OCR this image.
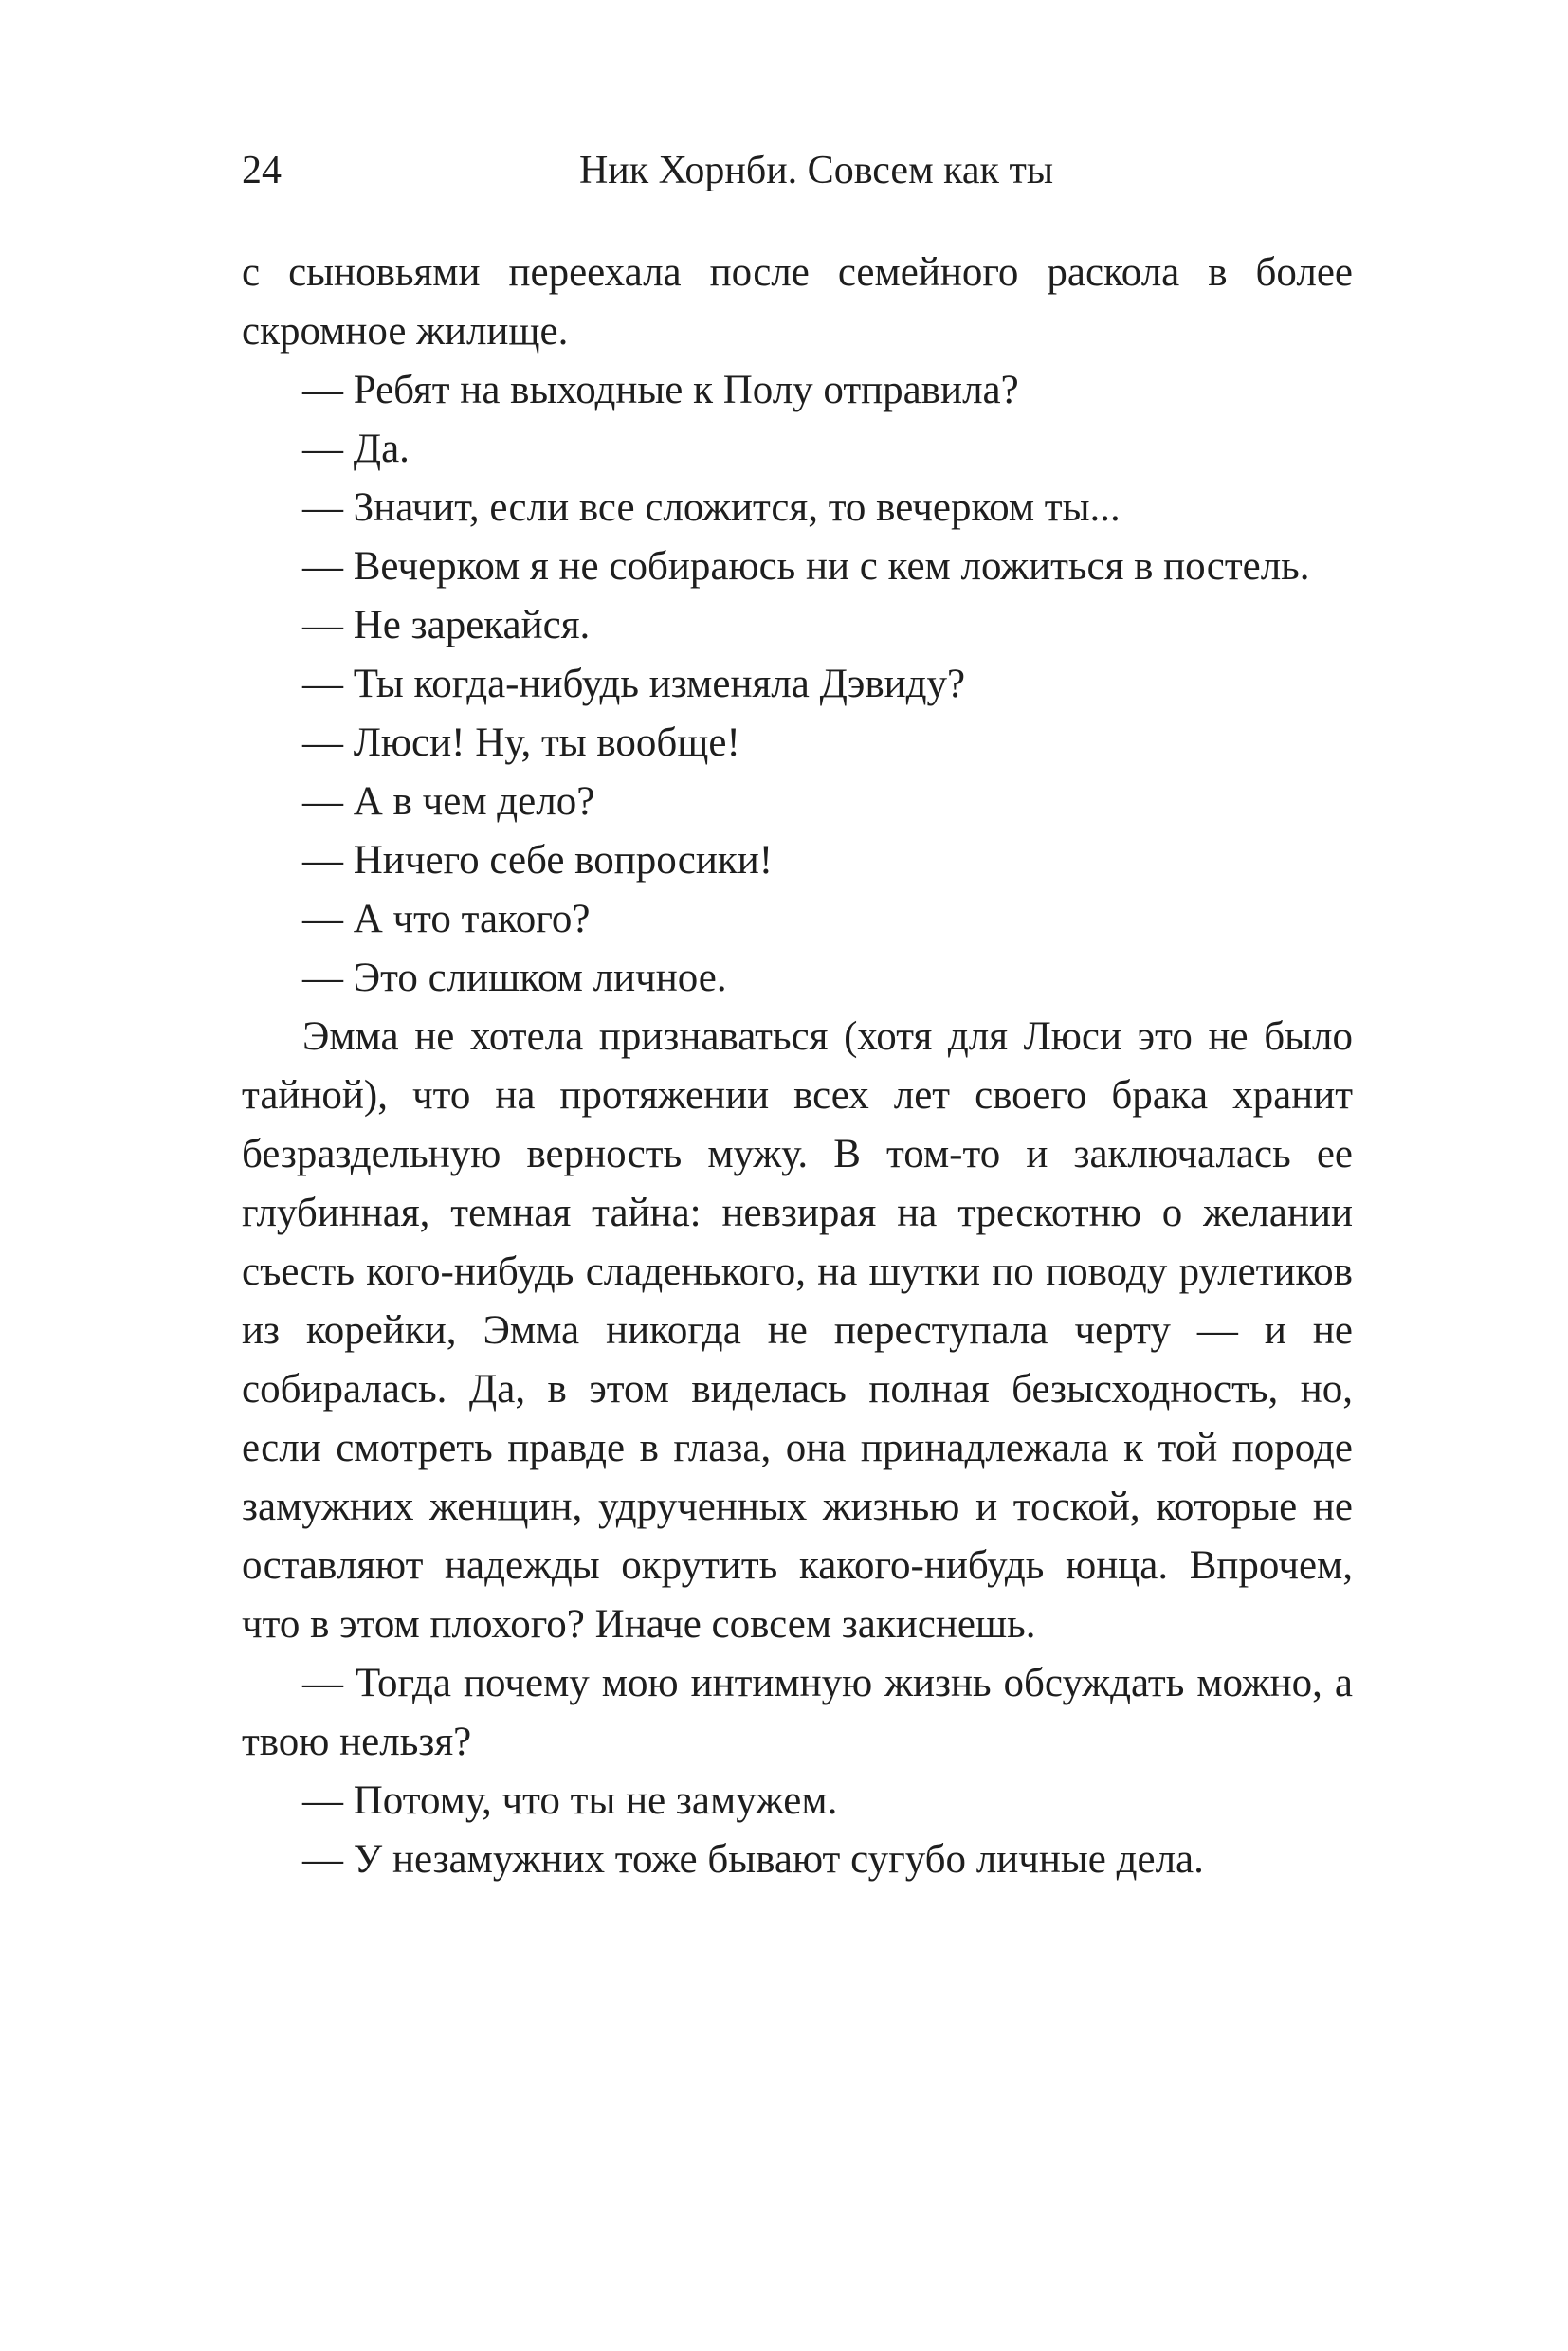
24	Ник Хорнби. Совсем как ты

с сыновьями переехала после семейного раскола в более скромное жилище.

— Ребят на выходные к Полу отправила?

— Да.

— Значит, если все сложится, то вечерком ты...

— Вечерком я не собираюсь ни с кем ложиться в постель.

— Не зарекайся.

— Ты когда-нибудь изменяла Дэвиду?

— Люси! Ну, ты вообще!

— А в чем дело?

— Ничего себе вопросики!

— А что такого?

— Это слишком личное.

Эмма не хотела признаваться (хотя для Люси это не было тайной), что на протяжении всех лет своего брака хранит безраздельную верность мужу. В том-то и заключалась ее глубинная, темная тайна: невзирая на трескотню о желании съесть кого-нибудь сладенького, на шутки по поводу рулетиков из корейки, Эмма никогда не переступала черту — и не собиралась. Да, в этом виделась полная безысходность, но, если смотреть правде в глаза, она принадлежала к той породе замужних женщин, удрученных жизнью и тоской, которые не оставляют надежды окрутить какого-нибудь юнца. Впрочем, что в этом плохого? Иначе совсем закиснешь.

— Тогда почему мою интимную жизнь обсуждать можно, а твою нельзя?

— Потому, что ты не замужем.

— У незамужних тоже бывают сугубо личные дела.
